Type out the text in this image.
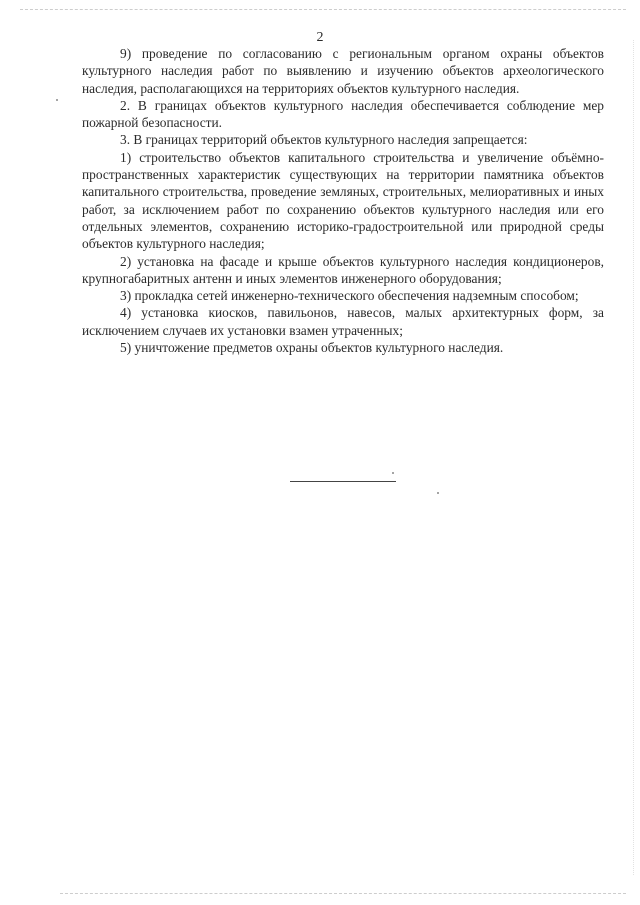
2

9) проведение по согласованию с региональным органом охраны объектов культурного наследия работ по выявлению и изучению объектов археологического наследия, располагающихся на территориях объектов культурного наследия.

2. В границах объектов культурного наследия обеспечивается соблюдение мер пожарной безопасности.

3. В границах территорий объектов культурного наследия запрещается:

1) строительство объектов капитального строительства и увеличение объёмно-пространственных характеристик существующих на территории памятника объектов капитального строительства, проведение земляных, строительных, мелиоративных и иных работ, за исключением работ по сохранению объектов культурного наследия или его отдельных элементов, сохранению историко-градостроительной или природной среды объектов культурного наследия;

2) установка на фасаде и крыше объектов культурного наследия кондиционеров, крупногабаритных антенн и иных элементов инженерного оборудования;

3) прокладка сетей инженерно-технического обеспечения надземным способом;

4) установка киосков, павильонов, навесов, малых архитектурных форм, за исключением случаев их установки взамен утраченных;

5) уничтожение предметов охраны объектов культурного наследия.
